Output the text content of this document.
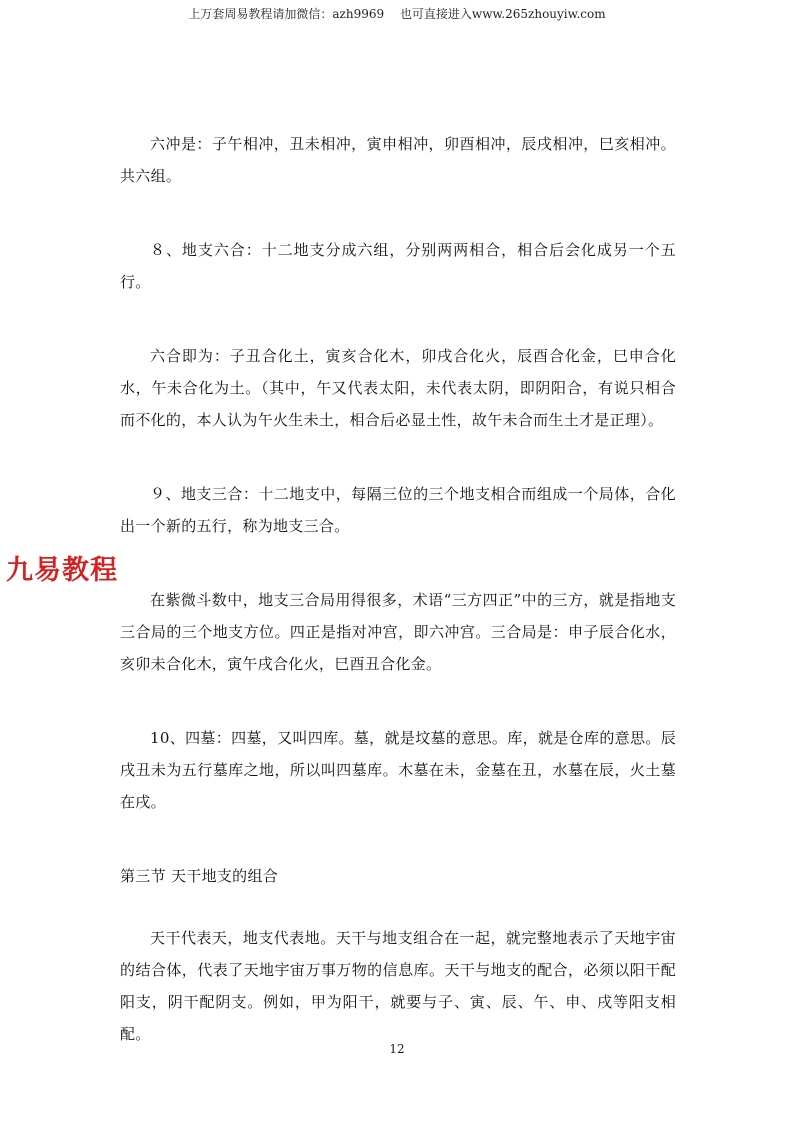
上万套周易教程请加微信：azh9969　 也可直接进入www.265zhouyiw.com

六冲是：子午相冲，丑未相冲，寅申相冲，卯酉相冲，辰戌相冲，巳亥相冲。共六组。

８、地支六合：十二地支分成六组，分别两两相合，相合后会化成另一个五行。

六合即为：子丑合化土，寅亥合化木，卯戌合化火，辰酉合化金，巳申合化水，午未合化为土。（其中，午又代表太阳，未代表太阴，即阴阳合，有说只相合而不化的，本人认为午火生未土，相合后必显土性，故午未合而生土才是正理）。

９、地支三合：十二地支中，每隔三位的三个地支相合而组成一个局体，合化出一个新的五行，称为地支三合。

在紫微斗数中，地支三合局用得很多，术语“三方四正”中的三方，就是指地支三合局的三个地支方位。四正是指对冲宫，即六冲宫。三合局是：申子辰合化水，亥卯未合化木，寅午戌合化火，巳酉丑合化金。

10、四墓：四墓，又叫四库。墓，就是坟墓的意思。库，就是仓库的意思。辰戌丑未为五行墓库之地，所以叫四墓库。木墓在未，金墓在丑，水墓在辰，火土墓在戌。

第三节 天干地支的组合

天干代表天，地支代表地。天干与地支组合在一起，就完整地表示了天地宇宙的结合体，代表了天地宇宙万事万物的信息库。天干与地支的配合，必须以阳干配阳支，阴干配阴支。例如，甲为阳干，就要与子、寅、辰、午、申、戌等阳支相配。

九易教程
12
